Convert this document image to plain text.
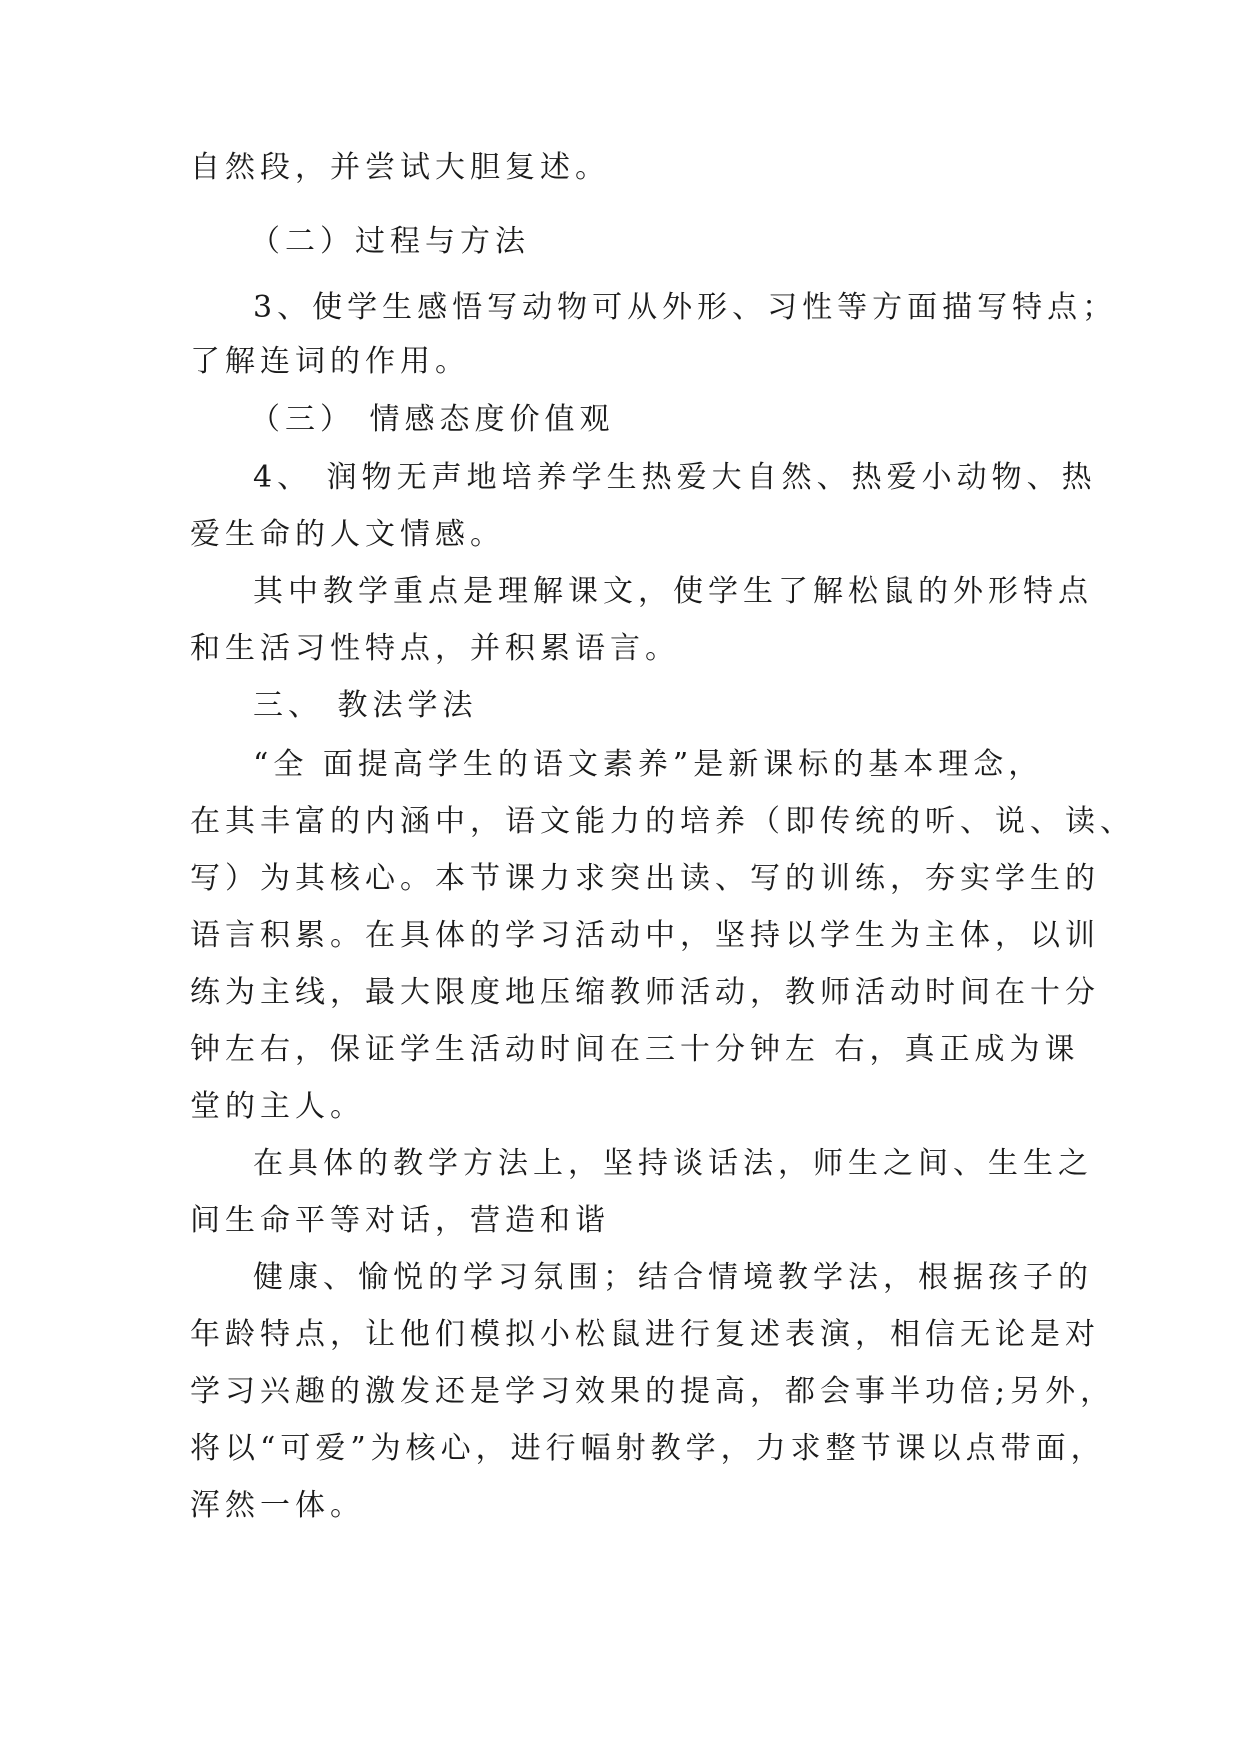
自然段，并尝试大胆复述。
（二）过程与方法
3、使学生感悟写动物可从外形、习性等方面描写特点；
了解连词的作用。
（三） 情感态度价值观
4、 润物无声地培养学生热爱大自然、热爱小动物、热
爱生命的人文情感。
其中教学重点是理解课文，使学生了解松鼠的外形特点
和生活习性特点，并积累语言。
三、 教法学法
“全 面提高学生的语文素养”是新课标的基本理念，
在其丰富的内涵中，语文能力的培养（即传统的听、说、读、
写）为其核心。本节课力求突出读、写的训练，夯实学生的
语言积累。在具体的学习活动中，坚持以学生为主体，以训
练为主线，最大限度地压缩教师活动，教师活动时间在十分
钟左右，保证学生活动时间在三十分钟左 右，真正成为课
堂的主人。
在具体的教学方法上，坚持谈话法，师生之间、生生之
间生命平等对话，营造和谐
健康、愉悦的学习氛围；结合情境教学法，根据孩子的
年龄特点，让他们模拟小松鼠进行复述表演，相信无论是对
学习兴趣的激发还是学习效果的提高，都会事半功倍;另外，
将以“可爱”为核心，进行幅射教学，力求整节课以点带面，
浑然一体。
